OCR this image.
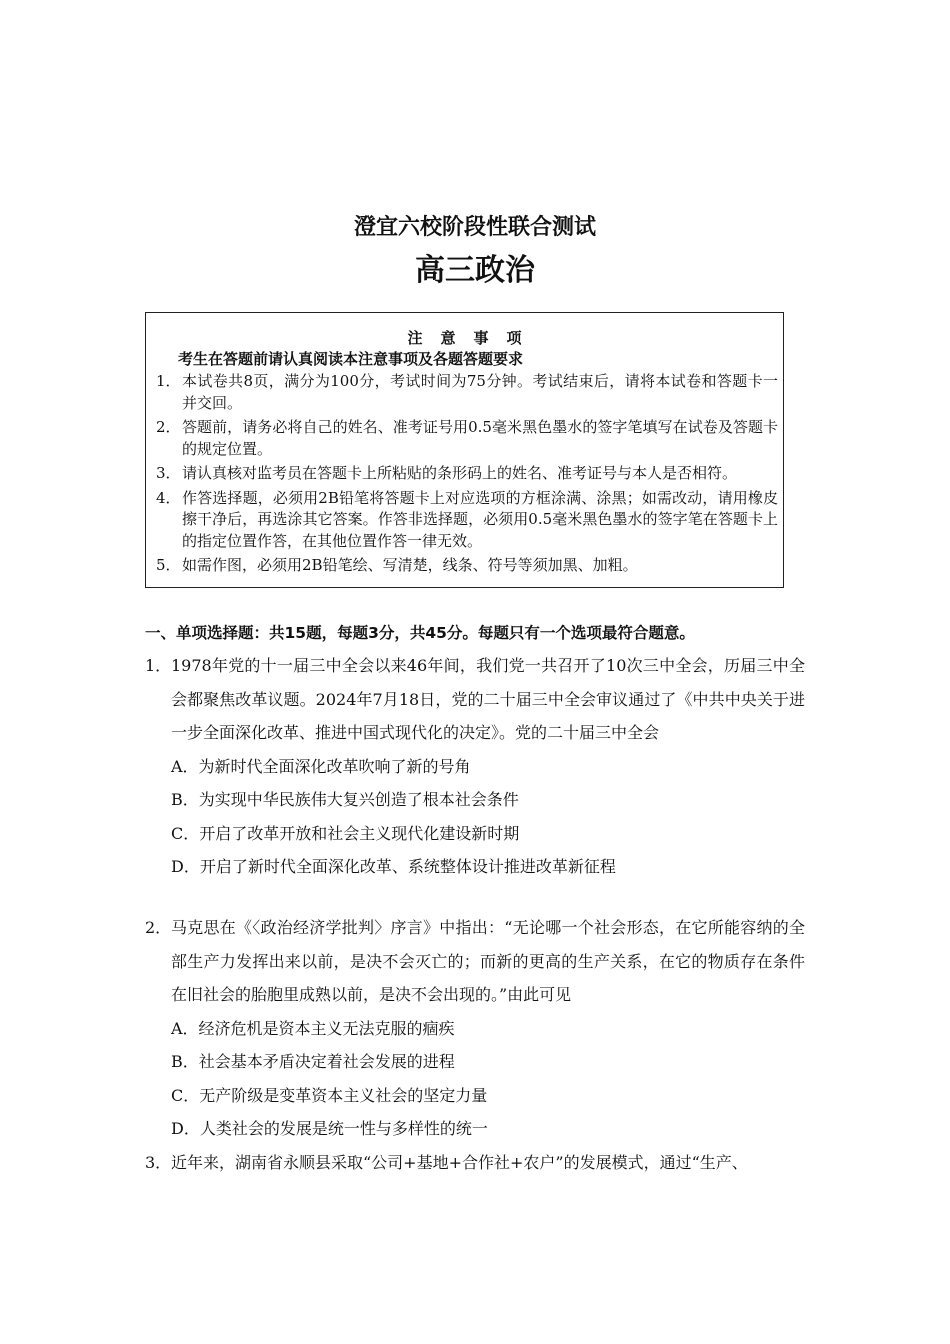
澄宜六校阶段性联合测试
高三政治
注意事项
考生在答题前请认真阅读本注意事项及各题答题要求
1． 本试卷共8页，满分为100分，考试时间为75分钟。考试结束后，请将本试卷和答题卡一并交回。
2． 答题前，请务必将自己的姓名、准考证号用0.5毫米黑色墨水的签字笔填写在试卷及答题卡的规定位置。
3． 请认真核对监考员在答题卡上所粘贴的条形码上的姓名、准考证号与本人是否相符。
4． 作答选择题，必须用2B铅笔将答题卡上对应选项的方框涂满、涂黑；如需改动，请用橡皮擦干净后，再选涂其它答案。作答非选择题，必须用0.5毫米黑色墨水的签字笔在答题卡上的指定位置作答，在其他位置作答一律无效。
5． 如需作图，必须用2B铅笔绘、写清楚，线条、符号等须加黑、加粗。
一、单项选择题：共15题，每题3分，共45分。每题只有一个选项最符合题意。
1． 1978年党的十一届三中全会以来46年间，我们党一共召开了10次三中全会，历届三中全会都聚焦改革议题。2024年7月18日，党的二十届三中全会审议通过了《中共中央关于进一步全面深化改革、推进中国式现代化的决定》。党的二十届三中全会
A．为新时代全面深化改革吹响了新的号角
B．为实现中华民族伟大复兴创造了根本社会条件
C．开启了改革开放和社会主义现代化建设新时期
D．开启了新时代全面深化改革、系统整体设计推进改革新征程
2． 马克思在《〈政治经济学批判〉序言》中指出：“无论哪一个社会形态，在它所能容纳的全部生产力发挥出来以前，是决不会灭亡的；而新的更高的生产关系，在它的物质存在条件在旧社会的胎胞里成熟以前，是决不会出现的。”由此可见
A．经济危机是资本主义无法克服的痼疾
B．社会基本矛盾决定着社会发展的进程
C．无产阶级是变革资本主义社会的坚定力量
D．人类社会的发展是统一性与多样性的统一
3． 近年来，湖南省永顺县采取“公司+基地+合作社+农户”的发展模式，通过“生产、
